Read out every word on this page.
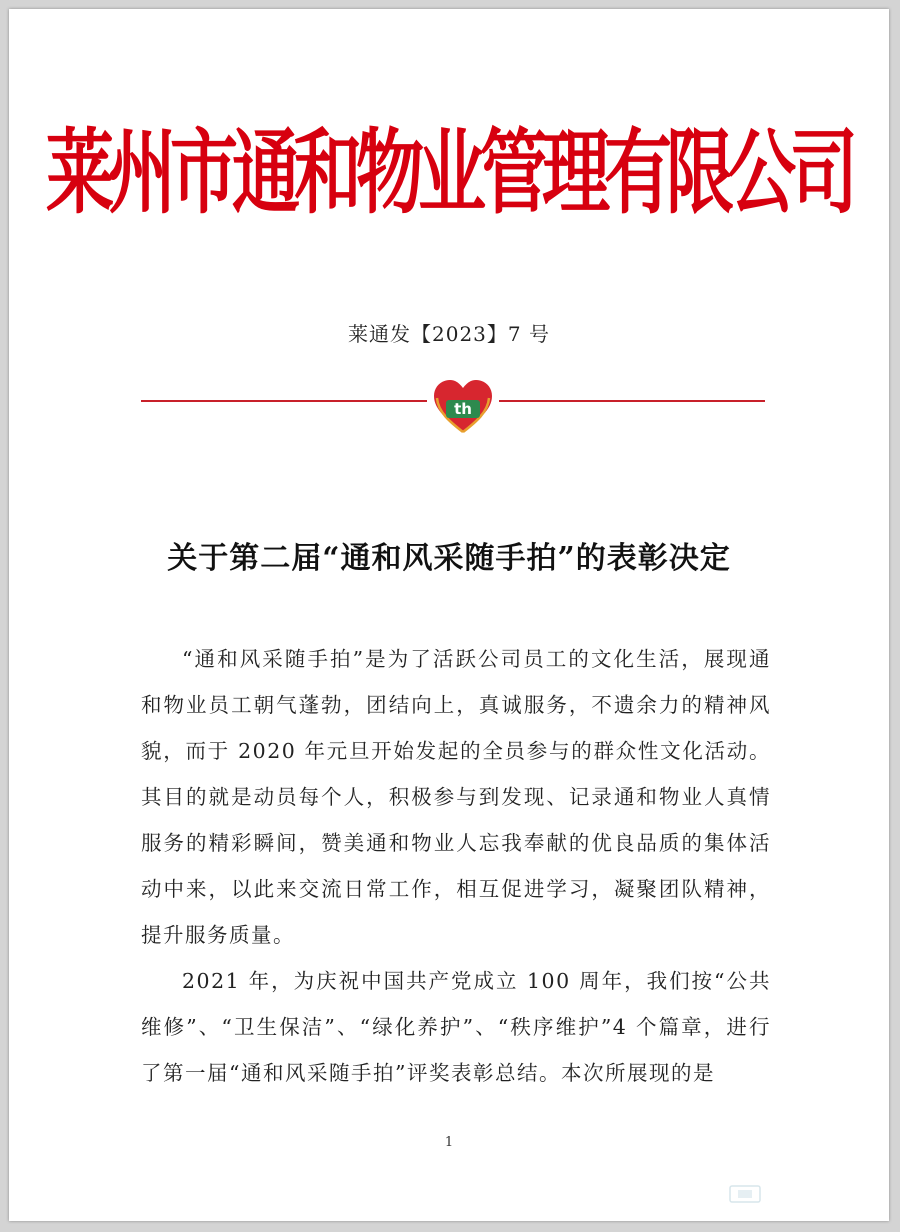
莱州市通和物业管理有限公司
莱通发【2023】7 号
th
关于第二届“通和风采随手拍”的表彰决定

“通和风采随手拍”是为了活跃公司员工的文化生活，展现通和物业员工朝气蓬勃，团结向上，真诚服务，不遗余力的精神风貌，而于 2020 年元旦开始发起的全员参与的群众性文化活动。其目的就是动员每个人，积极参与到发现、记录通和物业人真情服务的精彩瞬间，赞美通和物业人忘我奉献的优良品质的集体活动中来，以此来交流日常工作，相互促进学习，凝聚团队精神，提升服务质量。

2021 年，为庆祝中国共产党成立 100 周年，我们按“公共维修”、“卫生保洁”、“绿化养护”、“秩序维护”4 个篇章，进行了第一届“通和风采随手拍”评奖表彰总结。本次所展现的是

1
